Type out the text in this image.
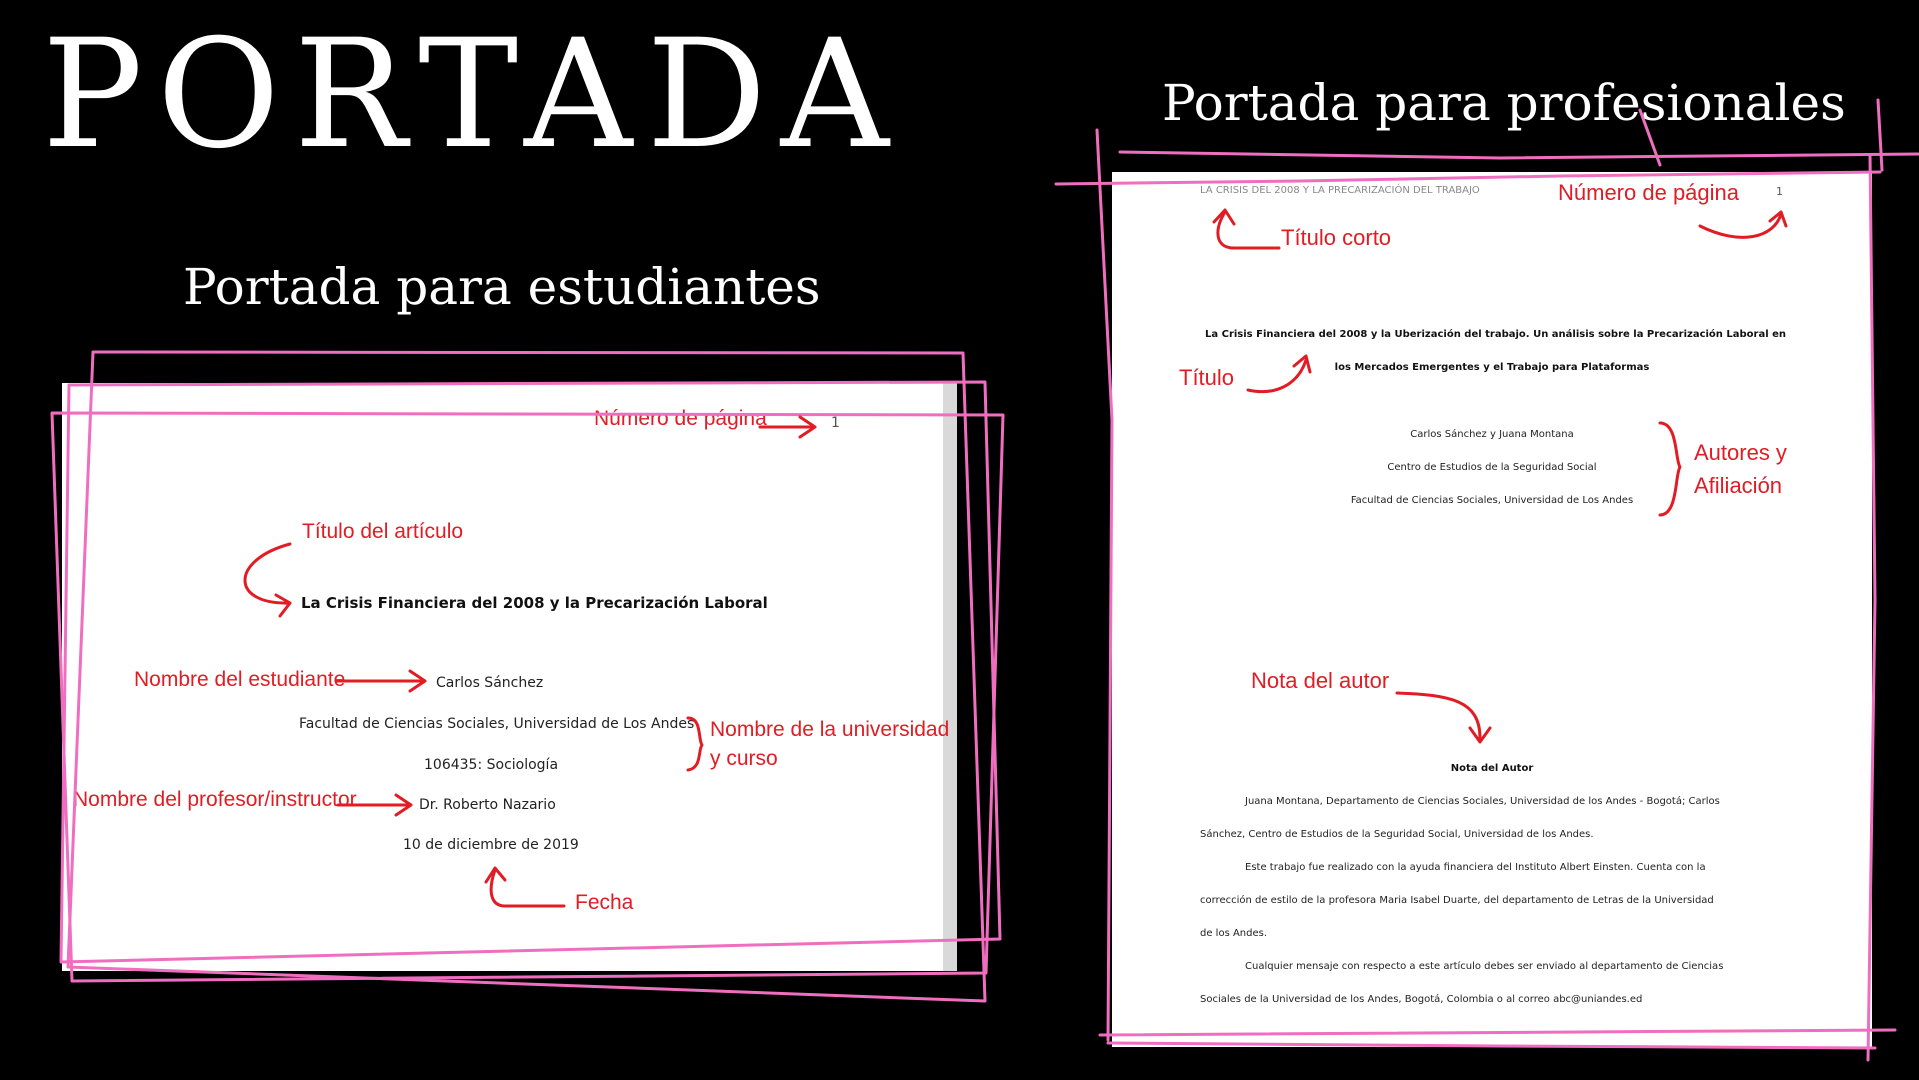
PORTADA
Portada para estudiantes
Portada para profesionales
1
La Crisis Financiera del 2008 y la Precarización Laboral
Carlos Sánchez
Facultad de Ciencias Sociales, Universidad de Los Andes
106435: Sociología
Dr. Roberto Nazario
10 de diciembre de 2019
Número de página
Título del artículo
Nombre del estudiante
Nombre de la universidad
y curso
Nombre del profesor/instructor
Fecha
LA CRISIS DEL 2008 Y LA PRECARIZACIÓN DEL TRABAJO	1
La Crisis Financiera del 2008 y la Uberización del trabajo. Un análisis sobre la Precarización Laboral en
los Mercados Emergentes y el Trabajo para Plataformas
Carlos Sánchez y Juana Montana
Centro de Estudios de la Seguridad Social
Facultad de Ciencias Sociales, Universidad de Los Andes
Nota del Autor
Juana Montana, Departamento de Ciencias Sociales, Universidad de los Andes - Bogotá; Carlos
Sánchez, Centro de Estudios de la Seguridad Social, Universidad de los Andes.
Este trabajo fue realizado con la ayuda financiera del Instituto Albert Einsten. Cuenta con la
corrección de estilo de la profesora Maria Isabel Duarte, del departamento de Letras de la Universidad
de los Andes.
Cualquier mensaje con respecto a este artículo debes ser enviado al departamento de Ciencias
Sociales de la Universidad de los Andes, Bogotá, Colombia o al correo abc@uniandes.ed
Título corto
Número de página
Título
Autores y
Afiliación
Nota del autor
